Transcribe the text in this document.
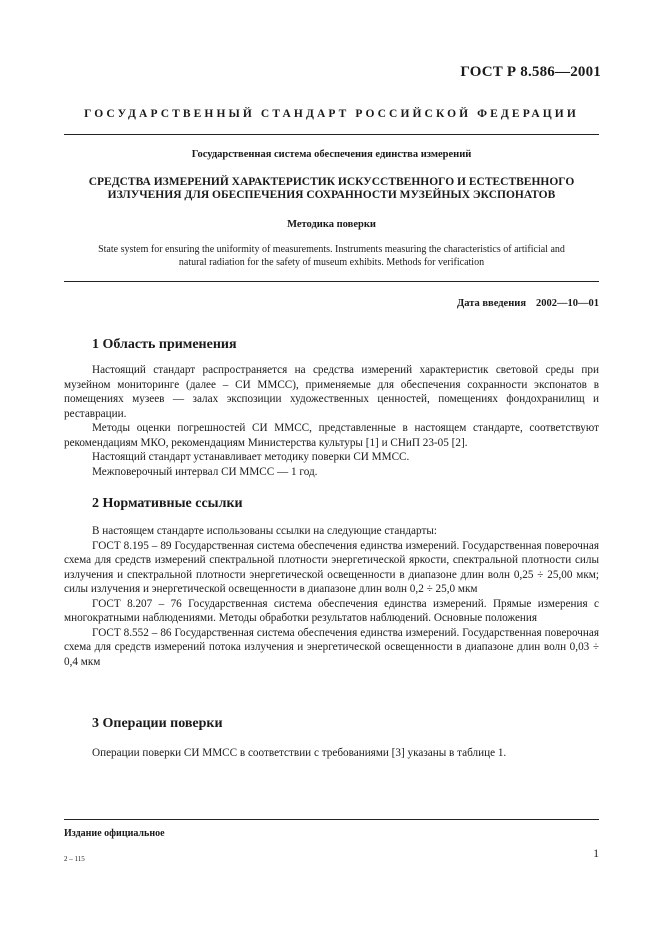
ГОСТ Р 8.586—2001
ГОСУДАРСТВЕННЫЙ СТАНДАРТ РОССИЙСКОЙ ФЕДЕРАЦИИ
Государственная система обеспечения единства измерений
СРЕДСТВА ИЗМЕРЕНИЙ ХАРАКТЕРИСТИК ИСКУССТВЕННОГО И ЕСТЕСТВЕННОГО
ИЗЛУЧЕНИЯ ДЛЯ ОБЕСПЕЧЕНИЯ СОХРАННОСТИ МУЗЕЙНЫХ ЭКСПОНАТОВ
Методика поверки
State system for ensuring the uniformity of measurements. Instruments measuring the characteristics of artificial and
natural radiation for the safety of museum exhibits. Methods for verification
Дата введения 2002—10—01
1 Область применения

Настоящий стандарт распространяется на средства измерений характеристик световой среды при музейном мониторинге (далее – СИ ММСС), применяемые для обеспечения сохранности экспонатов в помещениях музеев — залах экспозиции художественных ценностей, помещениях фондохранилищ и реставрации.

Методы оценки погрешностей СИ ММСС, представленные в настоящем стандарте, соответствуют рекомендациям МКО, рекомендациям Министерства культуры [1] и СНиП 23-05 [2].

Настоящий стандарт устанавливает методику поверки СИ ММСС.

Межповерочный интервал СИ ММСС — 1 год.

2 Нормативные ссылки

В настоящем стандарте использованы ссылки на следующие стандарты:

ГОСТ 8.195 – 89 Государственная система обеспечения единства измерений. Государственная поверочная схема для средств измерений спектральной плотности энергетической яркости, спектральной плотности силы излучения и спектральной плотности энергетической освещенности в диапазоне длин волн 0,25 ÷ 25,00 мкм; силы излучения и энергетической освещенности в диапазоне длин волн 0,2 ÷ 25,0 мкм

ГОСТ 8.207 – 76 Государственная система обеспечения единства измерений. Прямые измерения с многократными наблюдениями. Методы обработки результатов наблюдений. Основные положения

ГОСТ 8.552 – 86 Государственная система обеспечения единства измерений. Государственная поверочная схема для средств измерений потока излучения и энергетической освещенности в диапазоне длин волн 0,03 ÷ 0,4 мкм

3 Операции поверки

Операции поверки СИ ММСС в соответствии с требованиями [3] указаны в таблице 1.

Издание официальное
2 – 115	1
